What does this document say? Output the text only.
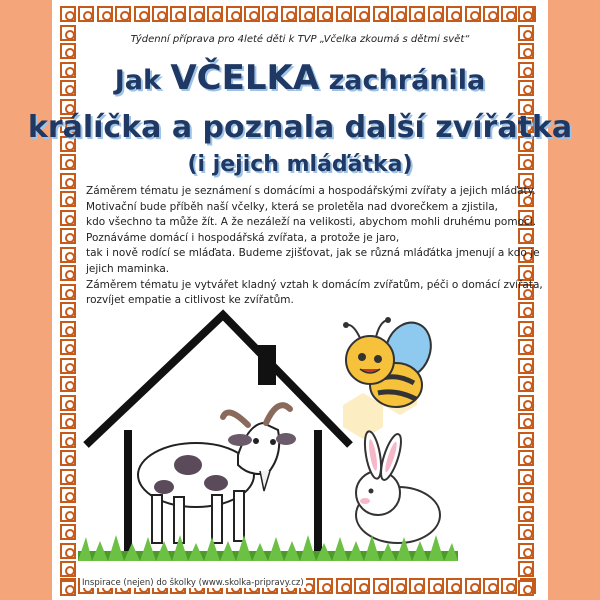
Týdenní příprava pro 4leté děti k TVP „Včelka zkoumá s dětmi svět“
Jak VČELKA zachránila
králíčka a poznala další zvířátka
(i jejich mláďátka)
Záměrem tématu je seznámení s domácími a hospodářskými zvířaty a jejich mláďaty.
Motivační bude příběh naší včelky, která se proletěla nad dvorečkem a zjistila,
kdo všechno ta může žít. A že nezáleží na velikosti, abychom mohli druhému pomoci.
Poznáváme domácí i hospodářská zvířata, a protože je jaro,
tak i nově rodící se mláďata. Budeme zjišťovat, jak se různá mláďátka jmenují a kdo je
jejich maminka.
Záměrem tématu je vytvářet kladný vztah k domácím zvířatům, péči o domácí zvířata,
rozvíjet empatie a citlivost ke zvířatům.
Inspirace (nejen) do školky (www.skolka-pripravy.cz)
